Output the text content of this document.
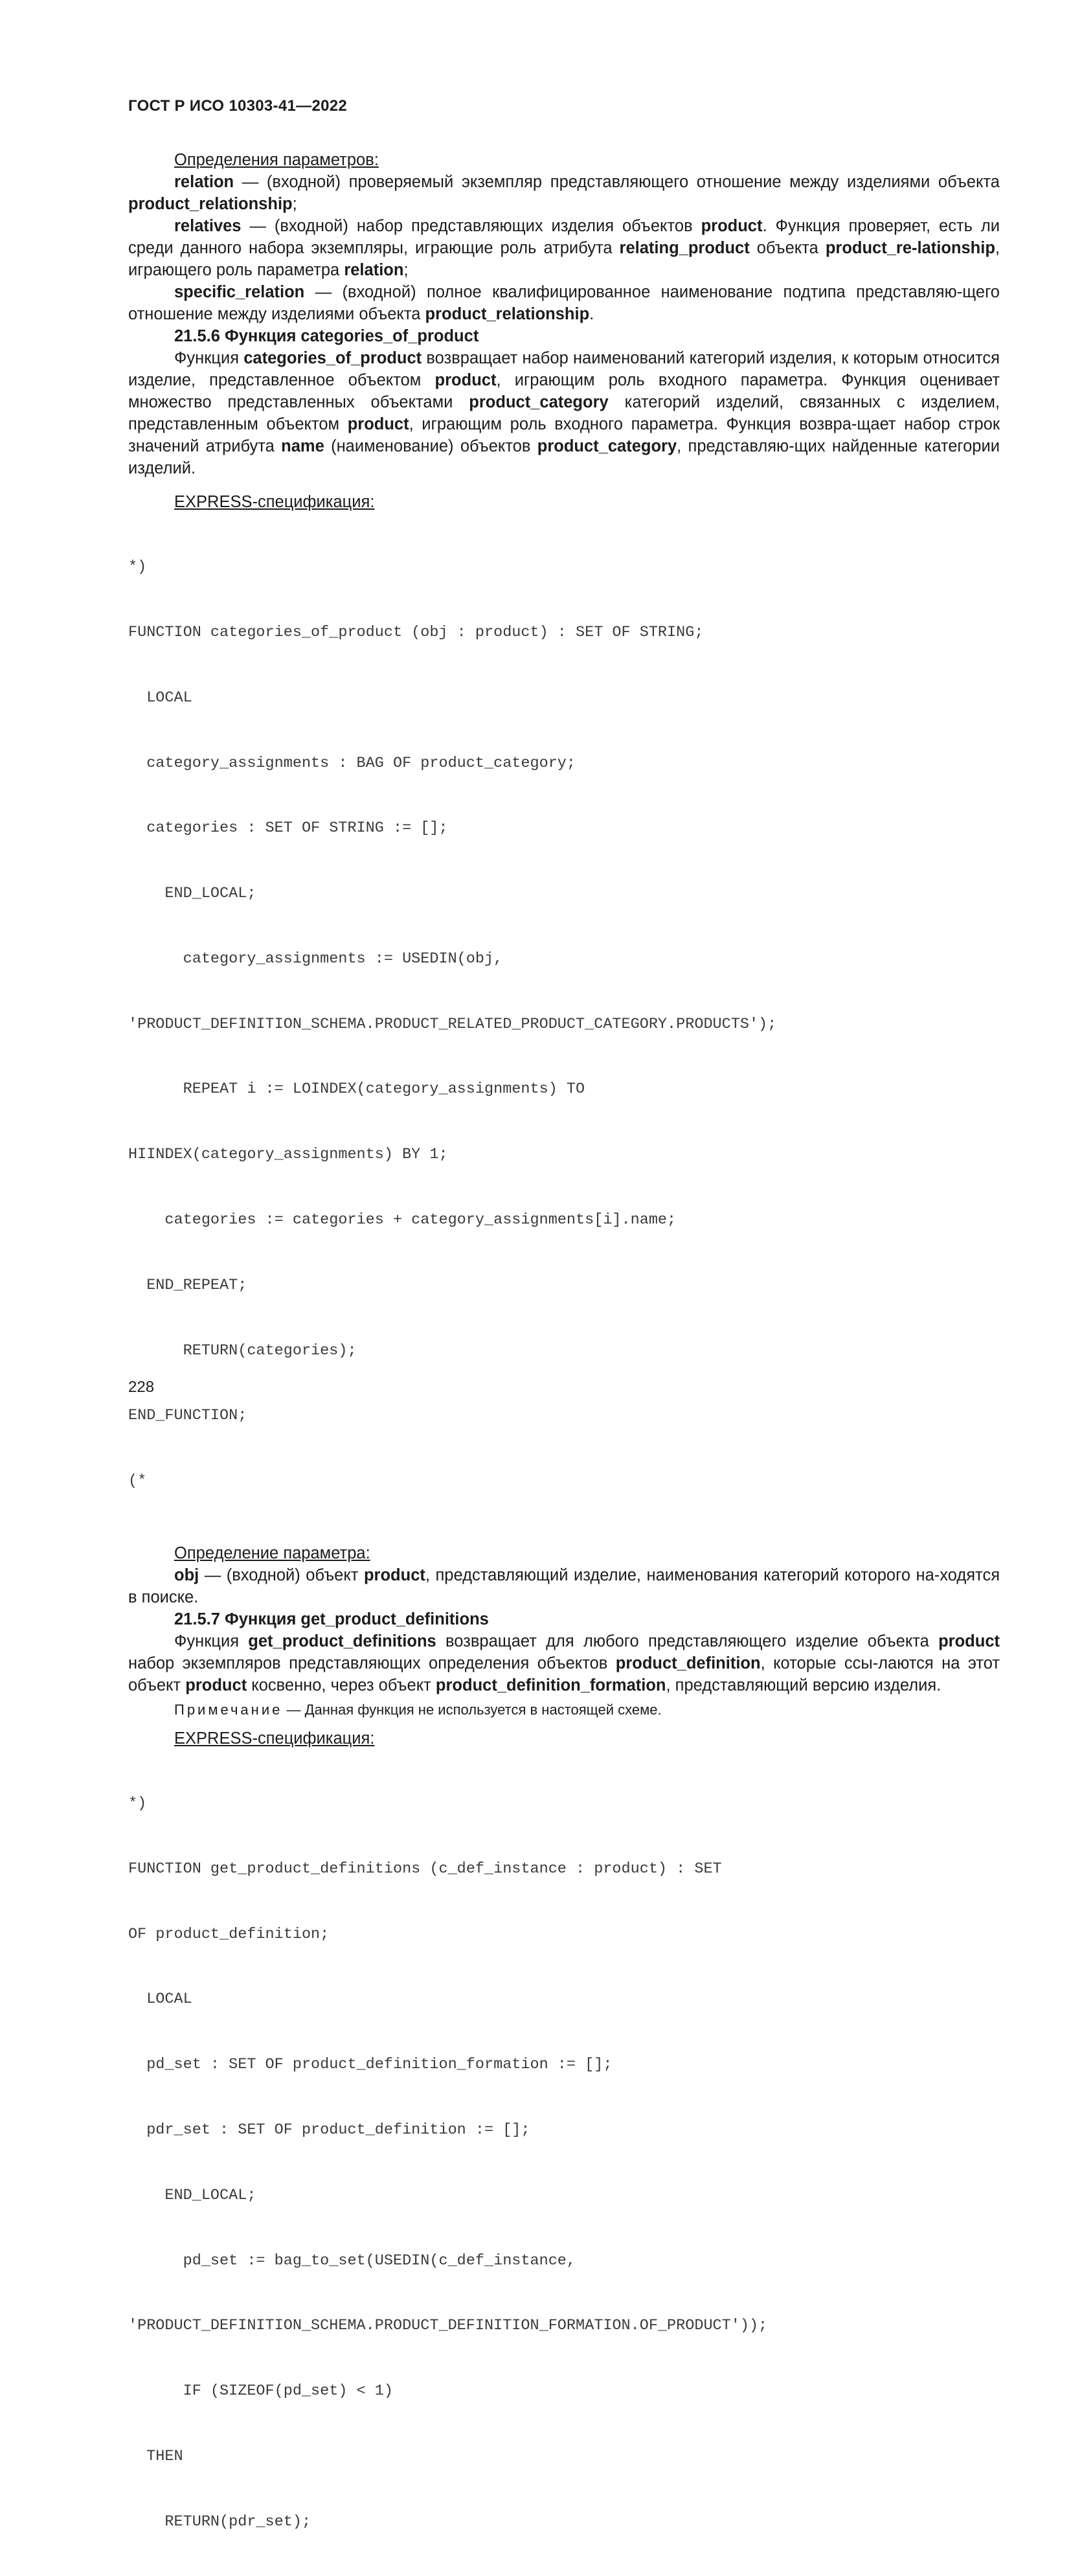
ГОСТ Р ИСО 10303-41—2022

Определения параметров:

relation — (входной) проверяемый экземпляр представляющего отношение между изделиями объекта product_relationship;

relatives — (входной) набор представляющих изделия объектов product. Функция проверяет, есть ли среди данного набора экземпляры, играющие роль атрибута relating_product объекта product_re-lationship, играющего роль параметра relation;

specific_relation — (входной) полное квалифицированное наименование подтипа представляю-щего отношение между изделиями объекта product_relationship.

21.5.6 Функция categories_of_product

Функция categories_of_product возвращает набор наименований категорий изделия, к которым относится изделие, представленное объектом product, играющим роль входного параметра. Функция оценивает множество представленных объектами product_category категорий изделий, связанных с изделием, представленным объектом product, играющим роль входного параметра. Функция возвра-щает набор строк значений атрибута name (наименование) объектов product_category, представляю-щих найденные категории изделий.

EXPRESS-спецификация:

*)

FUNCTION categories_of_product (obj : product) : SET OF STRING;

LOCAL

category_assignments : BAG OF product_category;

categories : SET OF STRING := [];

END_LOCAL;

category_assignments := USEDIN(obj,

'PRODUCT_DEFINITION_SCHEMA.PRODUCT_RELATED_PRODUCT_CATEGORY.PRODUCTS');

REPEAT i := LOINDEX(category_assignments) TO

HIINDEX(category_assignments) BY 1;

categories := categories + category_assignments[i].name;

END_REPEAT;

RETURN(categories);

END_FUNCTION;

(*

Определение параметра:

obj — (входной) объект product, представляющий изделие, наименования категорий которого на-ходятся в поиске.

21.5.7 Функция get_product_definitions

Функция get_product_definitions возвращает для любого представляющего изделие объекта product набор экземпляров представляющих определения объектов product_definition, которые ссы-лаются на этот объект product косвенно, через объект product_definition_formation, представляющий версию изделия.

Примечание — Данная функция не используется в настоящей схеме.

EXPRESS-спецификация:

*)

FUNCTION get_product_definitions (c_def_instance : product) : SET

OF product_definition;

LOCAL

pd_set : SET OF product_definition_formation := [];

pdr_set : SET OF product_definition := [];

END_LOCAL;

pd_set := bag_to_set(USEDIN(c_def_instance,

'PRODUCT_DEFINITION_SCHEMA.PRODUCT_DEFINITION_FORMATION.OF_PRODUCT'));

IF (SIZEOF(pd_set) < 1)

THEN

RETURN(pdr_set);

228
